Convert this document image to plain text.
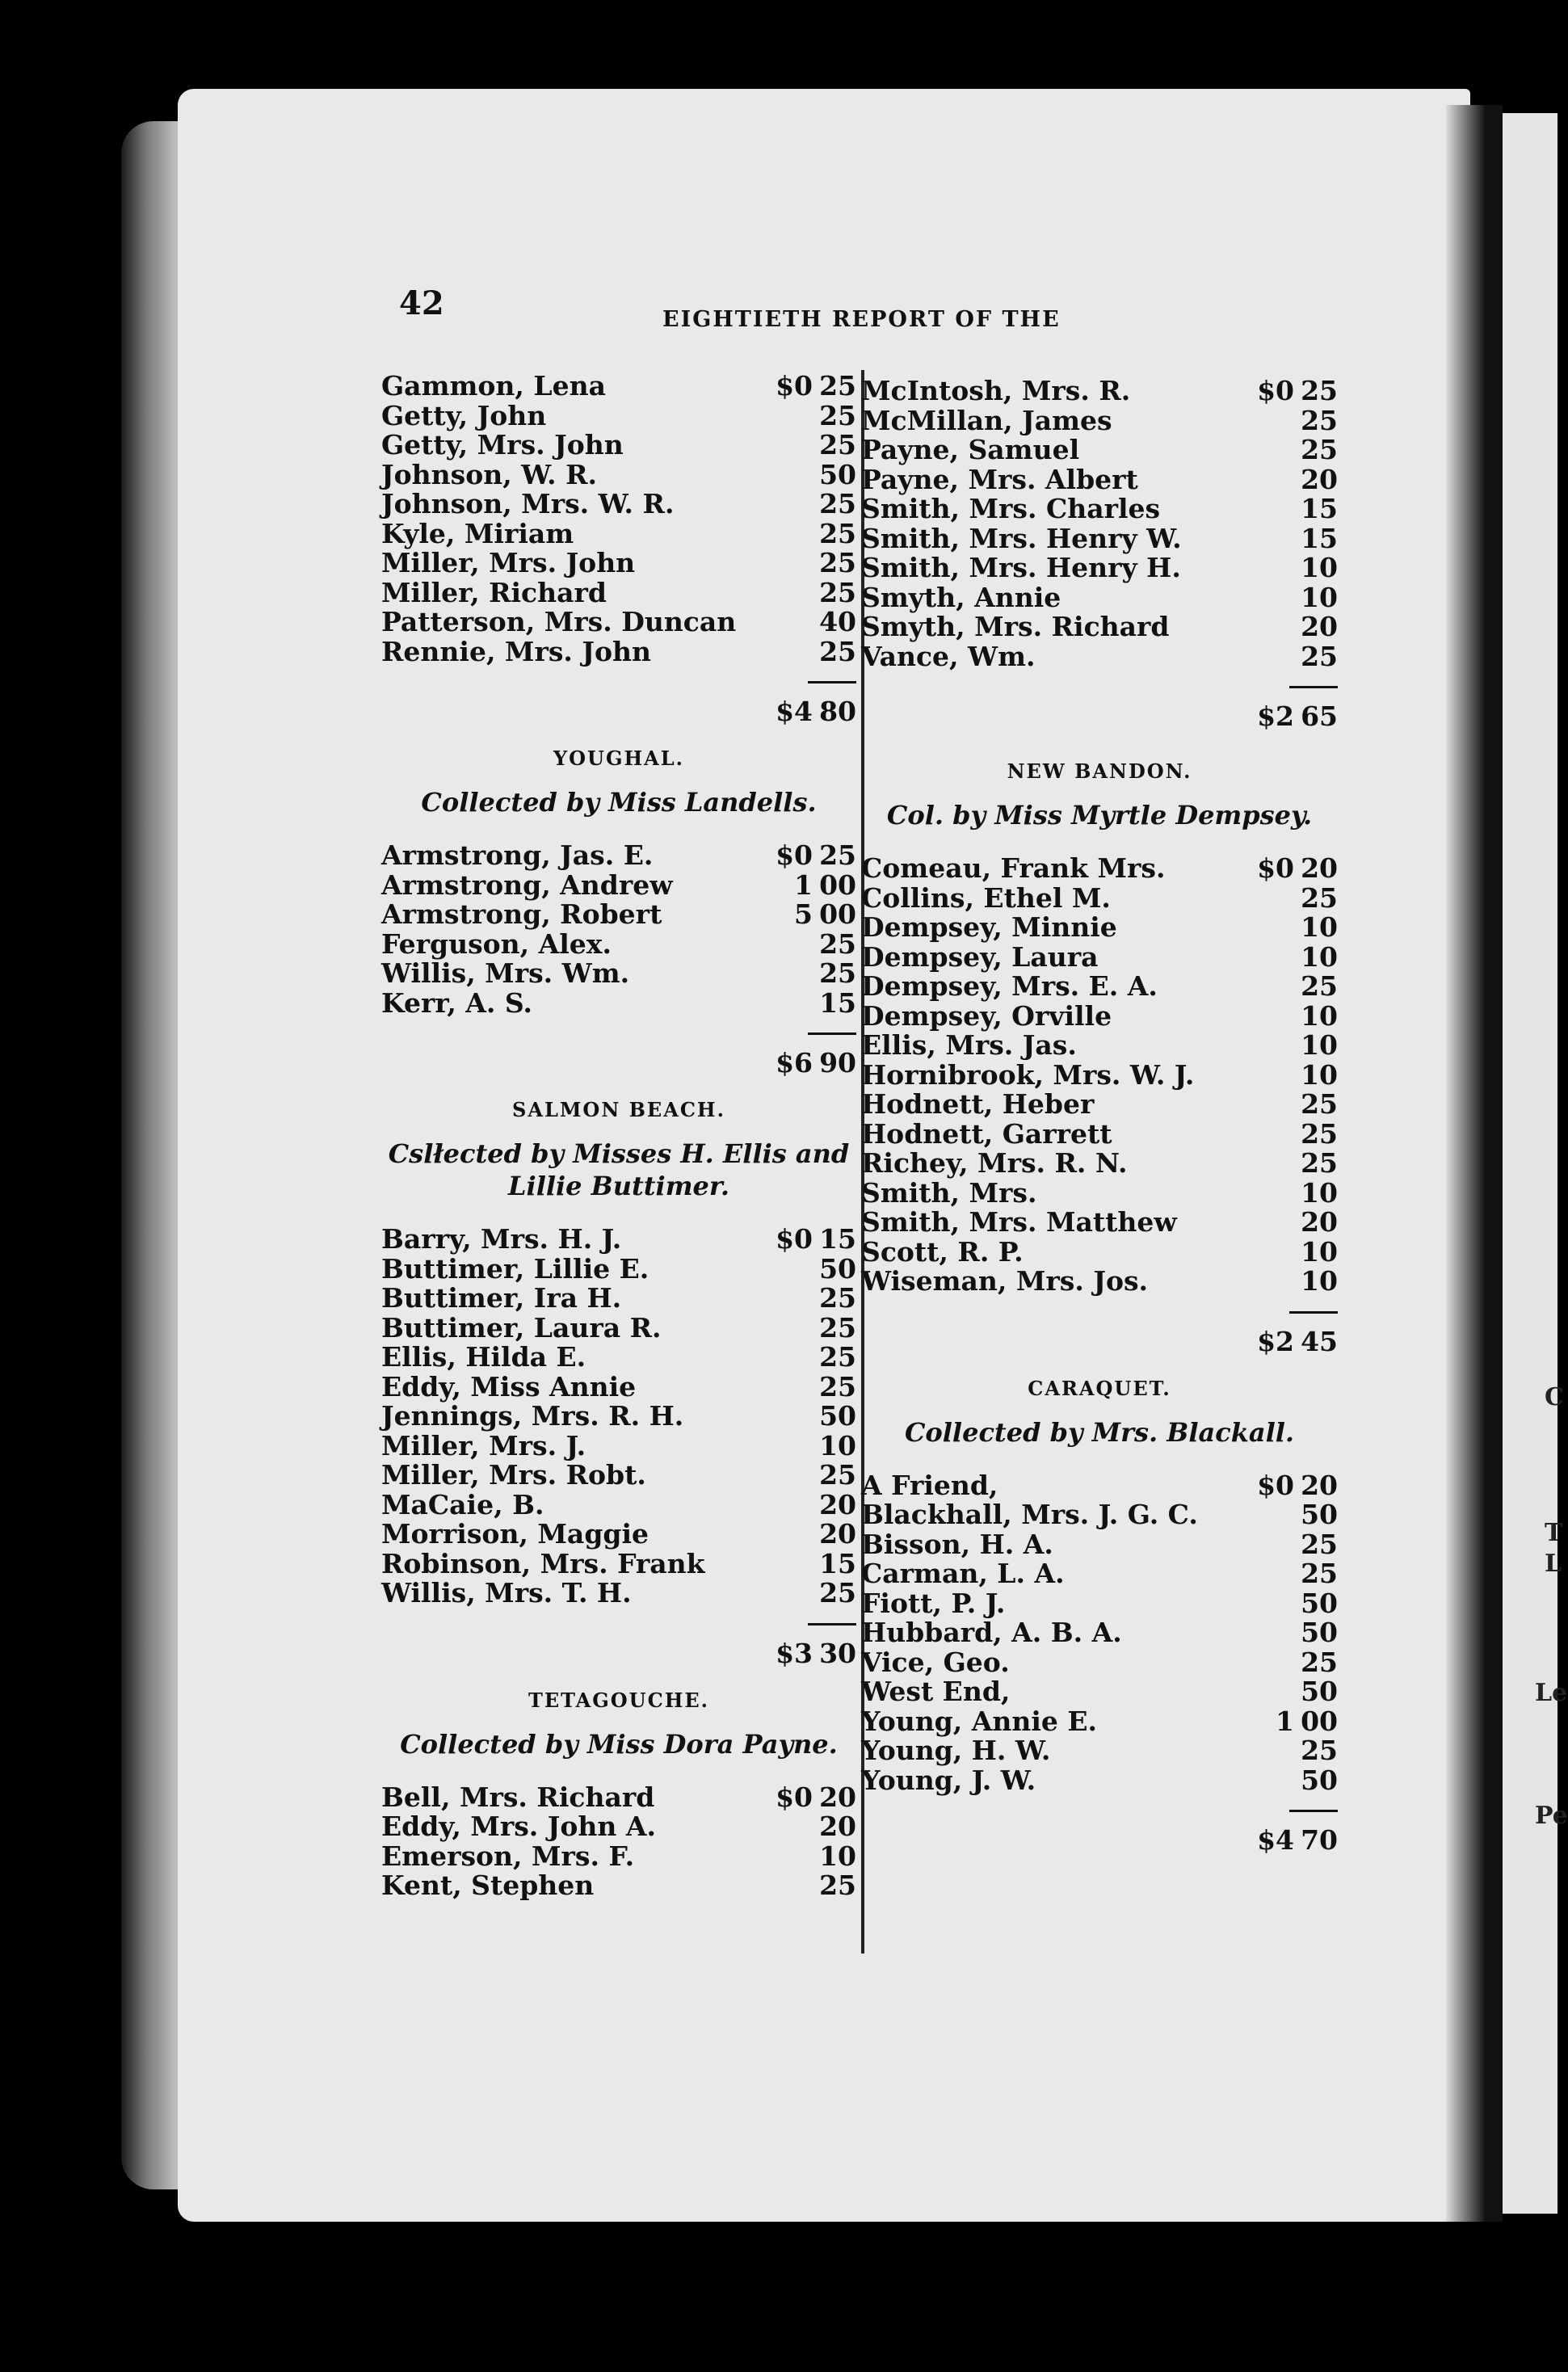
C
T
L
Le
Pe
42	EIGHTIETH REPORT OF THE
Gammon, Lena	$0 25
Getty, John	25
Getty, Mrs. John	25
Johnson, W. R.	50
Johnson, Mrs. W. R.	25
Kyle, Miriam	25
Miller, Mrs. John	25
Miller, Richard	25
Patterson, Mrs. Duncan	40
Rennie, Mrs. John	25
$4 80
YOUGHAL.
Collected by Miss Landells.
Armstrong, Jas. E.	$0 25
Armstrong, Andrew	1 00
Armstrong, Robert	5 00
Ferguson, Alex.	25
Willis, Mrs. Wm.	25
Kerr, A. S.	15
$6 90
SALMON BEACH.
Cslłected by Misses H. Ellis and Lillie Buttimer.
Barry, Mrs. H. J.	$0 15
Buttimer, Lillie E.	50
Buttimer, Ira H.	25
Buttimer, Laura R.	25
Ellis, Hilda E.	25
Eddy, Miss Annie	25
Jennings, Mrs. R. H.	50
Miller, Mrs. J.	10
Miller, Mrs. Robt.	25
MaCaie, B.	20
Morrison, Maggie	20
Robinson, Mrs. Frank	15
Willis, Mrs. T. H.	25
$3 30
TETAGOUCHE.
Collected by Miss Dora Payne.
Bell, Mrs. Richard	$0 20
Eddy, Mrs. John A.	20
Emerson, Mrs. F.	10
Kent, Stephen	25
McIntosh, Mrs. R.	$0 25
McMillan, James	25
Payne, Samuel	25
Payne, Mrs. Albert	20
Smith, Mrs. Charles	15
Smith, Mrs. Henry W.	15
Smith, Mrs. Henry H.	10
Smyth, Annie	10
Smyth, Mrs. Richard	20
Vance, Wm.	25
$2 65
NEW BANDON.
Col. by Miss Myrtle Dempsey.
Comeau, Frank Mrs.	$0 20
Collins, Ethel M.	25
Dempsey, Minnie	10
Dempsey, Laura	10
Dempsey, Mrs. E. A.	25
Dempsey, Orville	10
Ellis, Mrs. Jas.	10
Hornibrook, Mrs. W. J.	10
Hodnett, Heber	25
Hodnett, Garrett	25
Richey, Mrs. R. N.	25
Smith, Mrs.	10
Smith, Mrs. Matthew	20
Scott, R. P.	10
Wiseman, Mrs. Jos.	10
$2 45
CARAQUET.
Collected by Mrs. Blackall.
A Friend,	$0 20
Blackhall, Mrs. J. G. C.	50
Bisson, H. A.	25
Carman, L. A.	25
Fiott, P. J.	50
Hubbard, A. B. A.	50
Vice, Geo.	25
West End,	50
Young, Annie E.	1 00
Young, H. W.	25
Young, J. W.	50
$4 70
